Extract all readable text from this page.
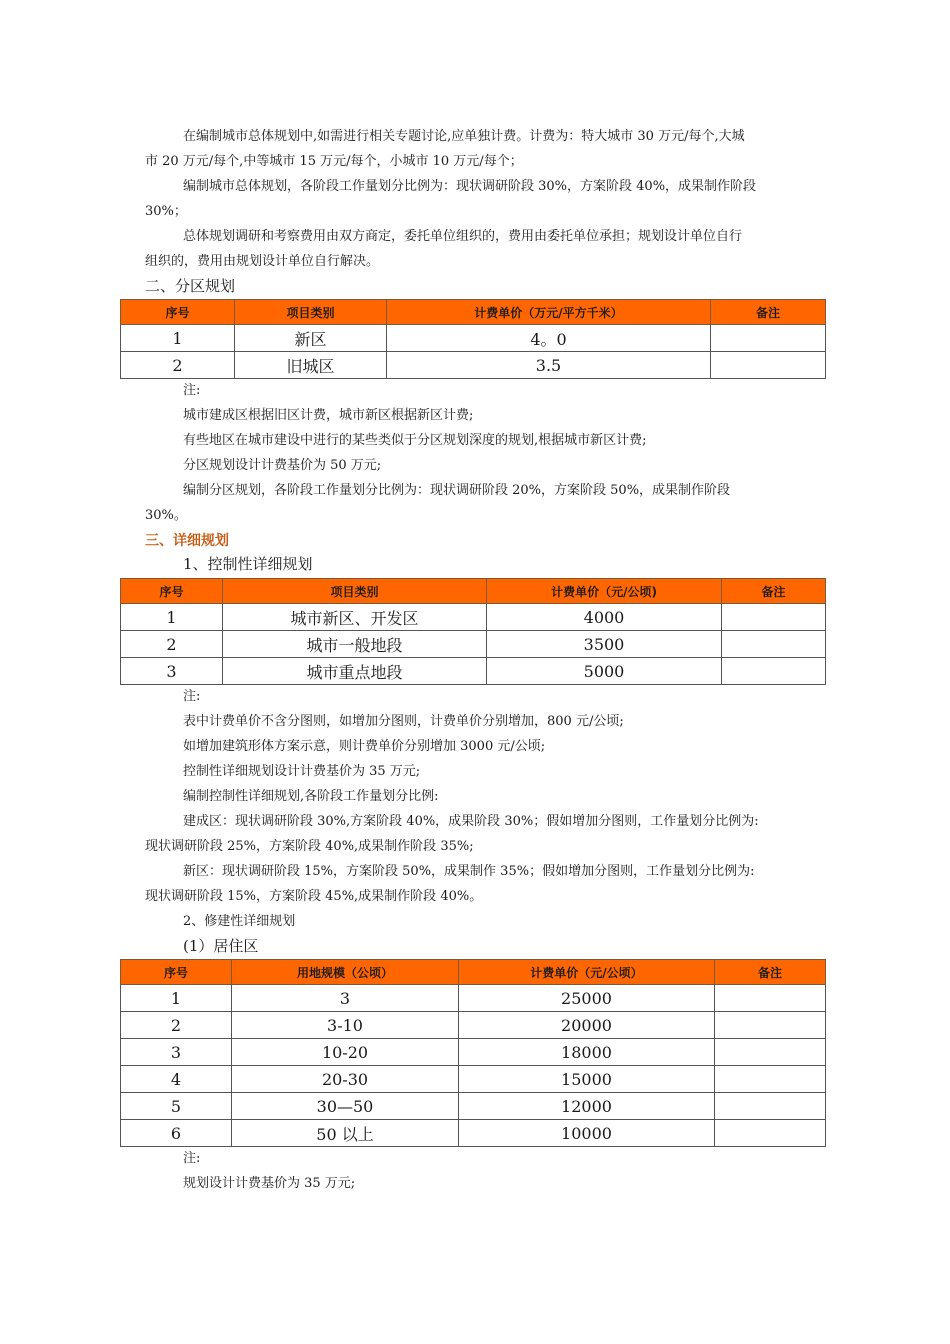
在编制城市总体规划中,如需进行相关专题讨论,应单独计费。计费为：特大城市 30 万元/每个,大城
市 20 万元/每个,中等城市 15 万元/每个，小城市 10 万元/每个；
编制城市总体规划，各阶段工作量划分比例为：现状调研阶段 30%，方案阶段 40%，成果制作阶段
30%；
总体规划调研和考察费用由双方商定，委托单位组织的，费用由委托单位承担；规划设计单位自行
组织的，费用由规划设计单位自行解决。
二、分区规划
序号	项目类别	计费单价（万元/平方千米）	备注
1	新区	4。0	
2	旧城区	3.5	
注:
城市建成区根据旧区计费，城市新区根据新区计费;
有些地区在城市建设中进行的某些类似于分区规划深度的规划,根据城市新区计费;
分区规划设计计费基价为 50 万元;
编制分区规划，各阶段工作量划分比例为：现状调研阶段 20%，方案阶段 50%，成果制作阶段
30%。
三、详细规划
1、控制性详细规划
序号	项目类别	计费单价（元/公顷)	备注
1	城市新区、开发区	4000	
2	城市一般地段	3500	
3	城市重点地段	5000	
注:
表中计费单价不含分图则，如增加分图则，计费单价分别增加，800 元/公顷;
如增加建筑形体方案示意，则计费单价分别增加 3000 元/公顷;
控制性详细规划设计计费基价为 35 万元;
编制控制性详细规划,各阶段工作量划分比例:
建成区：现状调研阶段 30%,方案阶段 40%，成果阶段 30%；假如增加分图则，工作量划分比例为:
现状调研阶段 25%，方案阶段 40%,成果制作阶段 35%;
新区：现状调研阶段 15%，方案阶段 50%，成果制作 35%；假如增加分图则，工作量划分比例为:
现状调研阶段 15%，方案阶段 45%,成果制作阶段 40%。
2、修建性详细规划
(1）居住区
序号	用地规模（公顷）	计费单价（元/公顷）	备注
1	3	25000	
2	3-10	20000	
3	10-20	18000	
4	20-30	15000	
5	30—50	12000	
6	50 以上	10000	
注:
规划设计计费基价为 35 万元;
